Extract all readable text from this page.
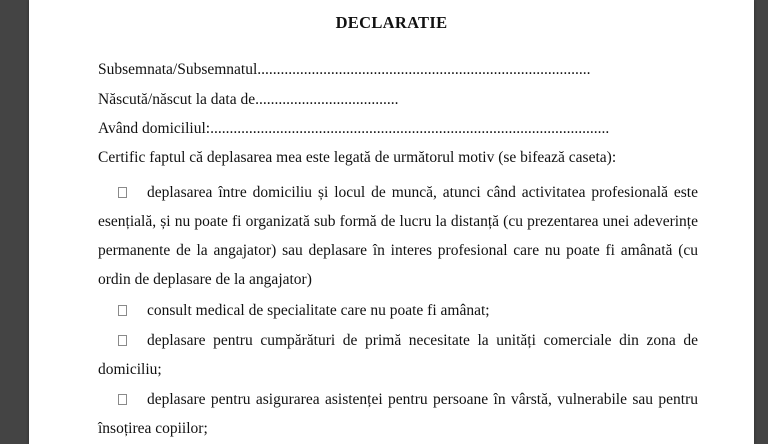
DECLARATIE
Subsemnata/Subsemnatul......................................................................................
Născută/născut la data de.....................................
Având domiciliul:.......................................................................................................
Certific faptul că deplasarea mea este legată de următorul motiv (se bifează caseta):

deplasarea între domiciliu și locul de muncă, atunci când activitatea profesională este esențială, și nu poate fi organizată sub formă de lucru la distanță (cu prezentarea unei adeverințe permanente de la angajator) sau deplasare în interes profesional care nu poate fi amânată (cu ordin de deplasare de la angajator)

consult medical de specialitate care nu poate fi amânat;

deplasare pentru cumpărături de primă necesitate la unități comerciale din zona de domiciliu;

deplasare pentru asigurarea asistenței pentru persoane în vârstă, vulnerabile sau pentru însoțirea copiilor;
